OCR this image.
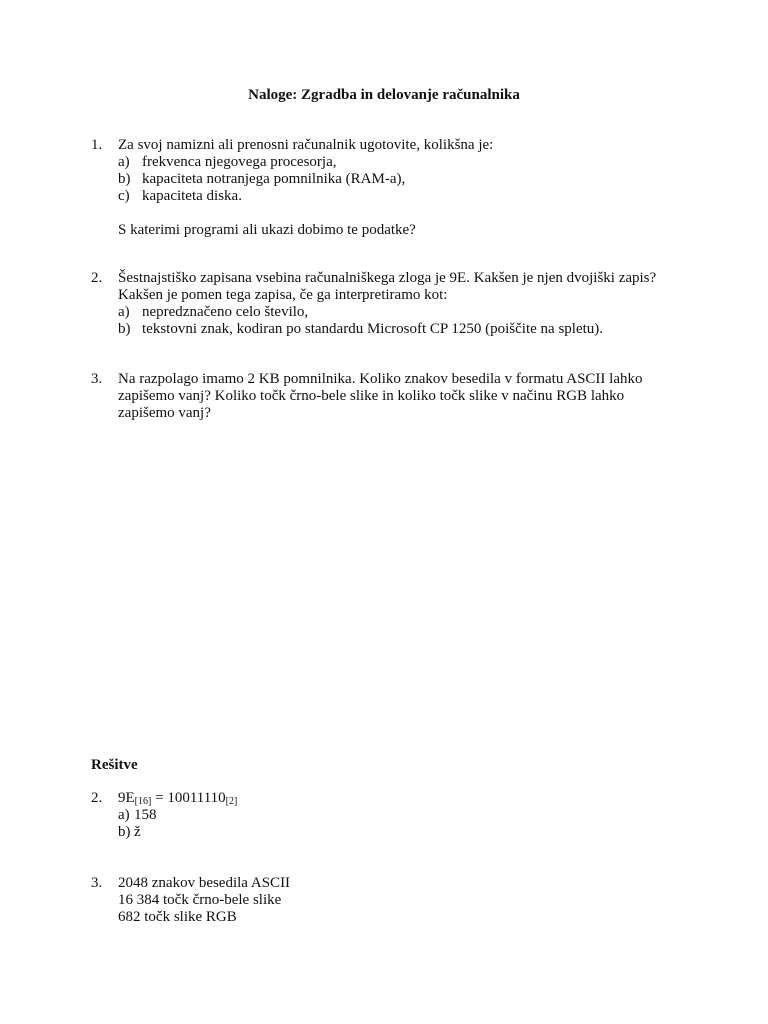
Naloge: Zgradba in delovanje računalnika
1. Za svoj namizni ali prenosni računalnik ugotovite, kolikšna je:
a) frekvenca njegovega procesorja,
b) kapaciteta notranjega pomnilnika (RAM-a),
c) kapaciteta diska.
S katerimi programi ali ukazi dobimo te podatke?
2. Šestnajstiško zapisana vsebina računalniškega zloga je 9E. Kakšen je njen dvojiški zapis?
Kakšen je pomen tega zapisa, če ga interpretiramo kot:
a) nepredznačeno celo število,
b) tekstovni znak, kodiran po standardu Microsoft CP 1250 (poiščite na spletu).
3. Na razpolago imamo 2 KB pomnilnika. Koliko znakov besedila v formatu ASCII lahko
zapišemo vanj? Koliko točk črno-bele slike in koliko točk slike v načinu RGB lahko
zapišemo vanj?
Rešitve
2. $9E_{[16]} = 10011110_{[2]}$
a) 158
b) ž
3. 2048 znakov besedila ASCII
16 384 točk črno-bele slike
682 točk slike RGB
